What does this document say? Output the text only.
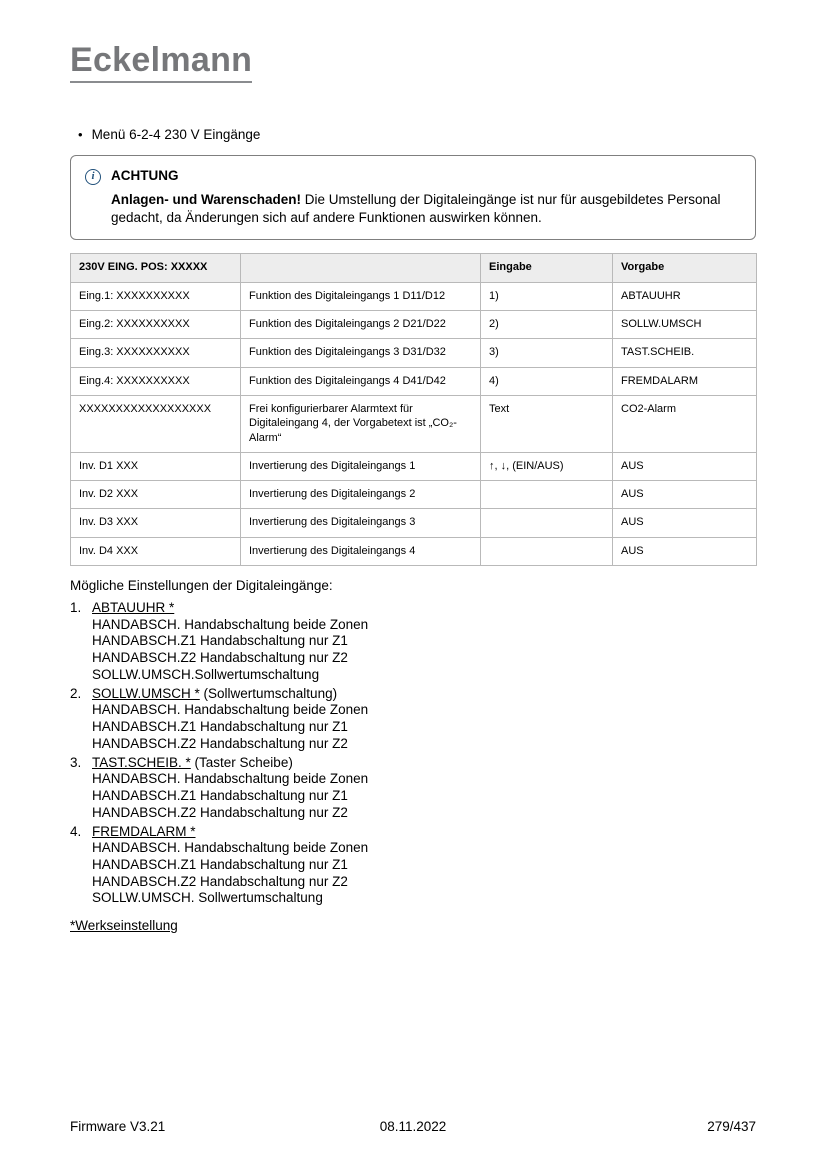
Eckelmann
• Menü 6-2-4 230 V Eingänge
i	ACHTUNG

Anlagen- und Warenschaden! Die Umstellung der Digitaleingänge ist nur für ausgebildetes Personal gedacht, da Änderungen sich auf andere Funktionen auswirken können.

230V EING. POS: XXXXX		Eingabe	Vorgabe
Eing.1: XXXXXXXXXX	Funktion des Digitaleingangs 1 D11/D12	1)	ABTAUUHR
Eing.2: XXXXXXXXXX	Funktion des Digitaleingangs 2 D21/D22	2)	SOLLW.UMSCH
Eing.3: XXXXXXXXXX	Funktion des Digitaleingangs 3 D31/D32	3)	TAST.SCHEIB.
Eing.4: XXXXXXXXXX	Funktion des Digitaleingangs 4 D41/D42	4)	FREMDALARM
XXXXXXXXXXXXXXXXXX	Frei konfigurierbarer Alarmtext für Digitaleingang 4, der Vorgabetext ist „CO₂-Alarm“	Text	CO2-Alarm
Inv. D1 XXX	Invertierung des Digitaleingangs 1	↑, ↓, (EIN/AUS)	AUS
Inv. D2 XXX	Invertierung des Digitaleingangs 2		AUS
Inv. D3 XXX	Invertierung des Digitaleingangs 3		AUS
Inv. D4 XXX	Invertierung des Digitaleingangs 4		AUS

Mögliche Einstellungen der Digitaleingänge:

1. ABTAUUHR *
HANDABSCH. Handabschaltung beide Zonen
HANDABSCH.Z1 Handabschaltung nur Z1
HANDABSCH.Z2 Handabschaltung nur Z2
SOLLW.UMSCH.Sollwertumschaltung
2. SOLLW.UMSCH * (Sollwertumschaltung)
HANDABSCH. Handabschaltung beide Zonen
HANDABSCH.Z1 Handabschaltung nur Z1
HANDABSCH.Z2 Handabschaltung nur Z2
3. TAST.SCHEIB. * (Taster Scheibe)
HANDABSCH. Handabschaltung beide Zonen
HANDABSCH.Z1 Handabschaltung nur Z1
HANDABSCH.Z2 Handabschaltung nur Z2
4. FREMDALARM *
HANDABSCH. Handabschaltung beide Zonen
HANDABSCH.Z1 Handabschaltung nur Z1
HANDABSCH.Z2 Handabschaltung nur Z2
SOLLW.UMSCH. Sollwertumschaltung

*Werkseinstellung

Firmware V3.21	08.11.2022	279/437
